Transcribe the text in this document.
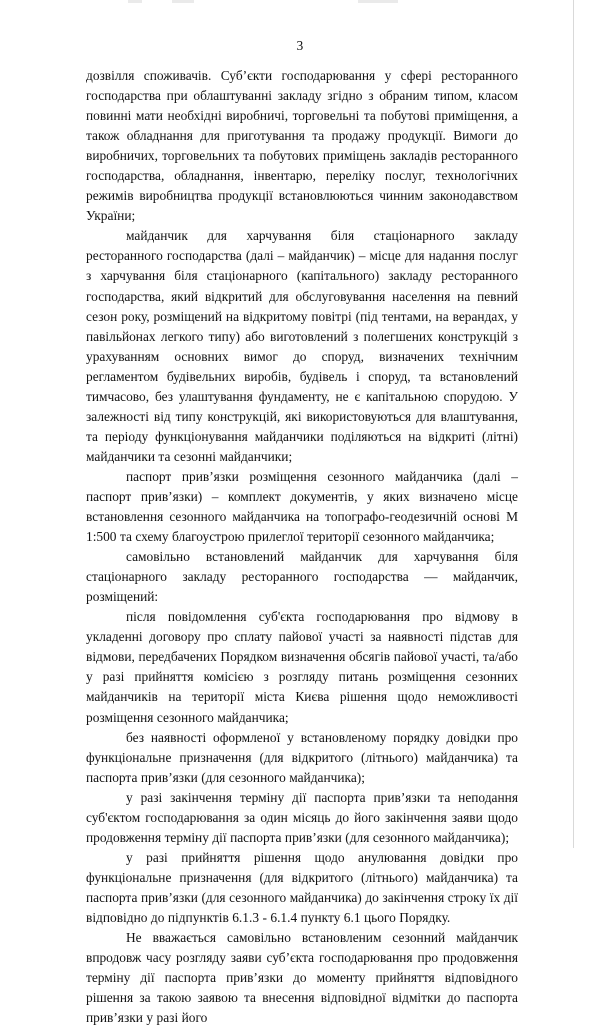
3

дозвілля споживачів. Суб’єкти господарювання у сфері ресторанного господарства при облаштуванні закладу згідно з обраним типом, класом повинні мати необхідні виробничі, торговельні та побутові приміщення, а також обладнання для приготування та продажу продукції. Вимоги до виробничих, торговельних та побутових приміщень закладів ресторанного господарства, обладнання, інвентарю, переліку послуг, технологічних режимів виробництва продукції встановлюються чинним законодавством України;

майданчик для харчування біля стаціонарного закладу ресторанного господарства (далі – майданчик) – місце для надання послуг з харчування біля стаціонарного (капітального) закладу ресторанного господарства, який відкритий для обслуговування населення на певний сезон року, розміщений на відкритому повітрі (під тентами, на верандах, у павільйонах легкого типу) або виготовлений з полегшених конструкцій з урахуванням основних вимог до споруд, визначених технічним регламентом будівельних виробів, будівель і споруд, та встановлений тимчасово, без улаштування фундаменту, не є капітальною спорудою. У залежності від типу конструкцій, які використовуються для влаштування, та періоду функціонування майданчики поділяються на відкриті (літні) майданчики та сезонні майданчики;

паспорт прив’язки розміщення сезонного майданчика (далі – паспорт прив’язки) – комплект документів, у яких визначено місце встановлення сезонного майданчика на топографо-геодезичній основі М 1:500 та схему благоустрою прилеглої території сезонного майданчика;

самовільно встановлений майданчик для харчування біля стаціонарного закладу ресторанного господарства — майданчик, розміщений:

після повідомлення суб'єкта господарювання про відмову в укладенні договору про сплату пайової участі за наявності підстав для відмови, передбачених Порядком визначення обсягів пайової участі, та/або у разі прийняття комісією з розгляду питань розміщення сезонних майданчиків на території міста Києва рішення щодо неможливості розміщення сезонного майданчика;

без наявності оформленої у встановленому порядку довідки про функціональне призначення (для відкритого (літнього) майданчика) та паспорта прив’язки (для сезонного майданчика);

у разі закінчення терміну дії паспорта прив’язки та неподання суб'єктом господарювання за один місяць до його закінчення заяви щодо продовження терміну дії паспорта прив’язки (для сезонного майданчика);

у разі прийняття рішення щодо анулювання довідки про функціональне призначення (для відкритого (літнього) майданчика) та паспорта прив’язки (для сезонного майданчика) до закінчення строку їх дії відповідно до підпунктів 6.1.3 - 6.1.4 пункту 6.1 цього Порядку.

Не вважається самовільно встановленим сезонний майданчик впродовж часу розгляду заяви суб’єкта господарювання про продовження терміну дії паспорта прив’язки до моменту прийняття відповідного рішення за такою заявою та внесення відповідної відмітки до паспорта прив’язки у разі його
